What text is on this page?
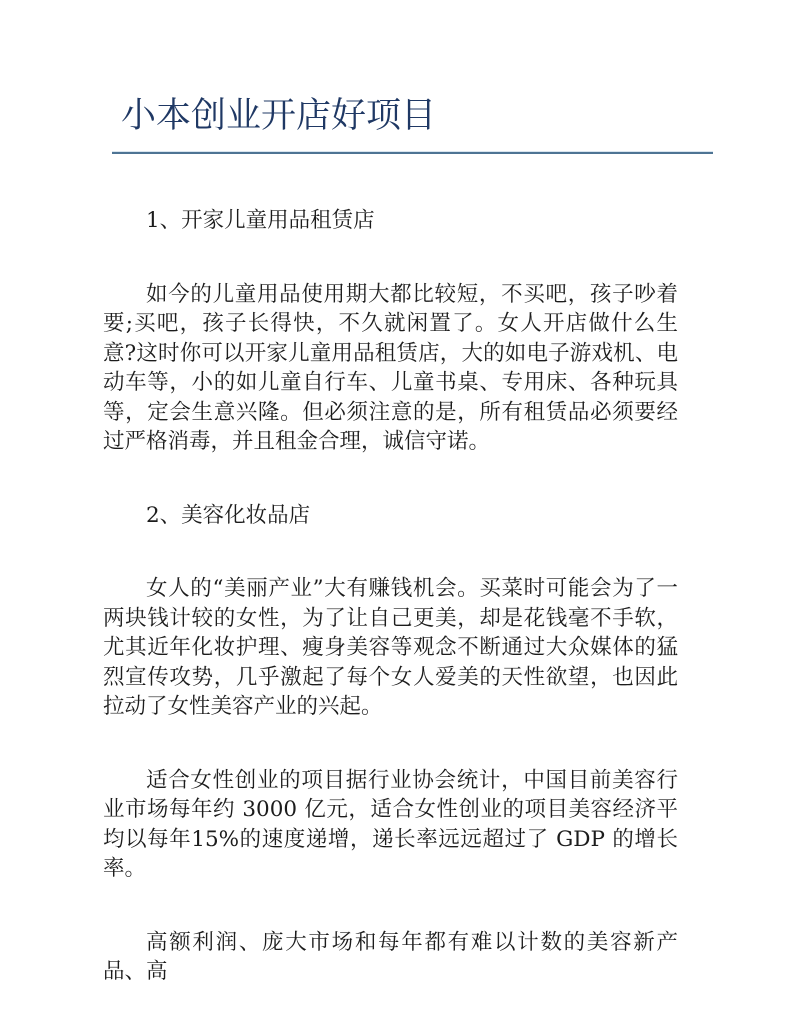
小本创业开店好项目

1、开家儿童用品租赁店

如今的儿童用品使用期大都比较短，不买吧，孩子吵着要;买吧，孩子长得快，不久就闲置了。女人开店做什么生意?这时你可以开家儿童用品租赁店，大的如电子游戏机、电动车等，小的如儿童自行车、儿童书桌、专用床、各种玩具等，定会生意兴隆。但必须注意的是，所有租赁品必须要经过严格消毒，并且租金合理，诚信守诺。

2、美容化妆品店

女人的“美丽产业”大有赚钱机会。买菜时可能会为了一两块钱计较的女性，为了让自己更美，却是花钱毫不手软，尤其近年化妆护理、瘦身美容等观念不断通过大众媒体的猛烈宣传攻势，几乎激起了每个女人爱美的天性欲望，也因此拉动了女性美容产业的兴起。

适合女性创业的项目据行业协会统计，中国目前美容行业市场每年约 3000 亿元，适合女性创业的项目美容经济平均以每年15%的速度递增，递长率远远超过了 GDP 的增长率。

高额利润、庞大市场和每年都有难以计数的美容新产品、高
